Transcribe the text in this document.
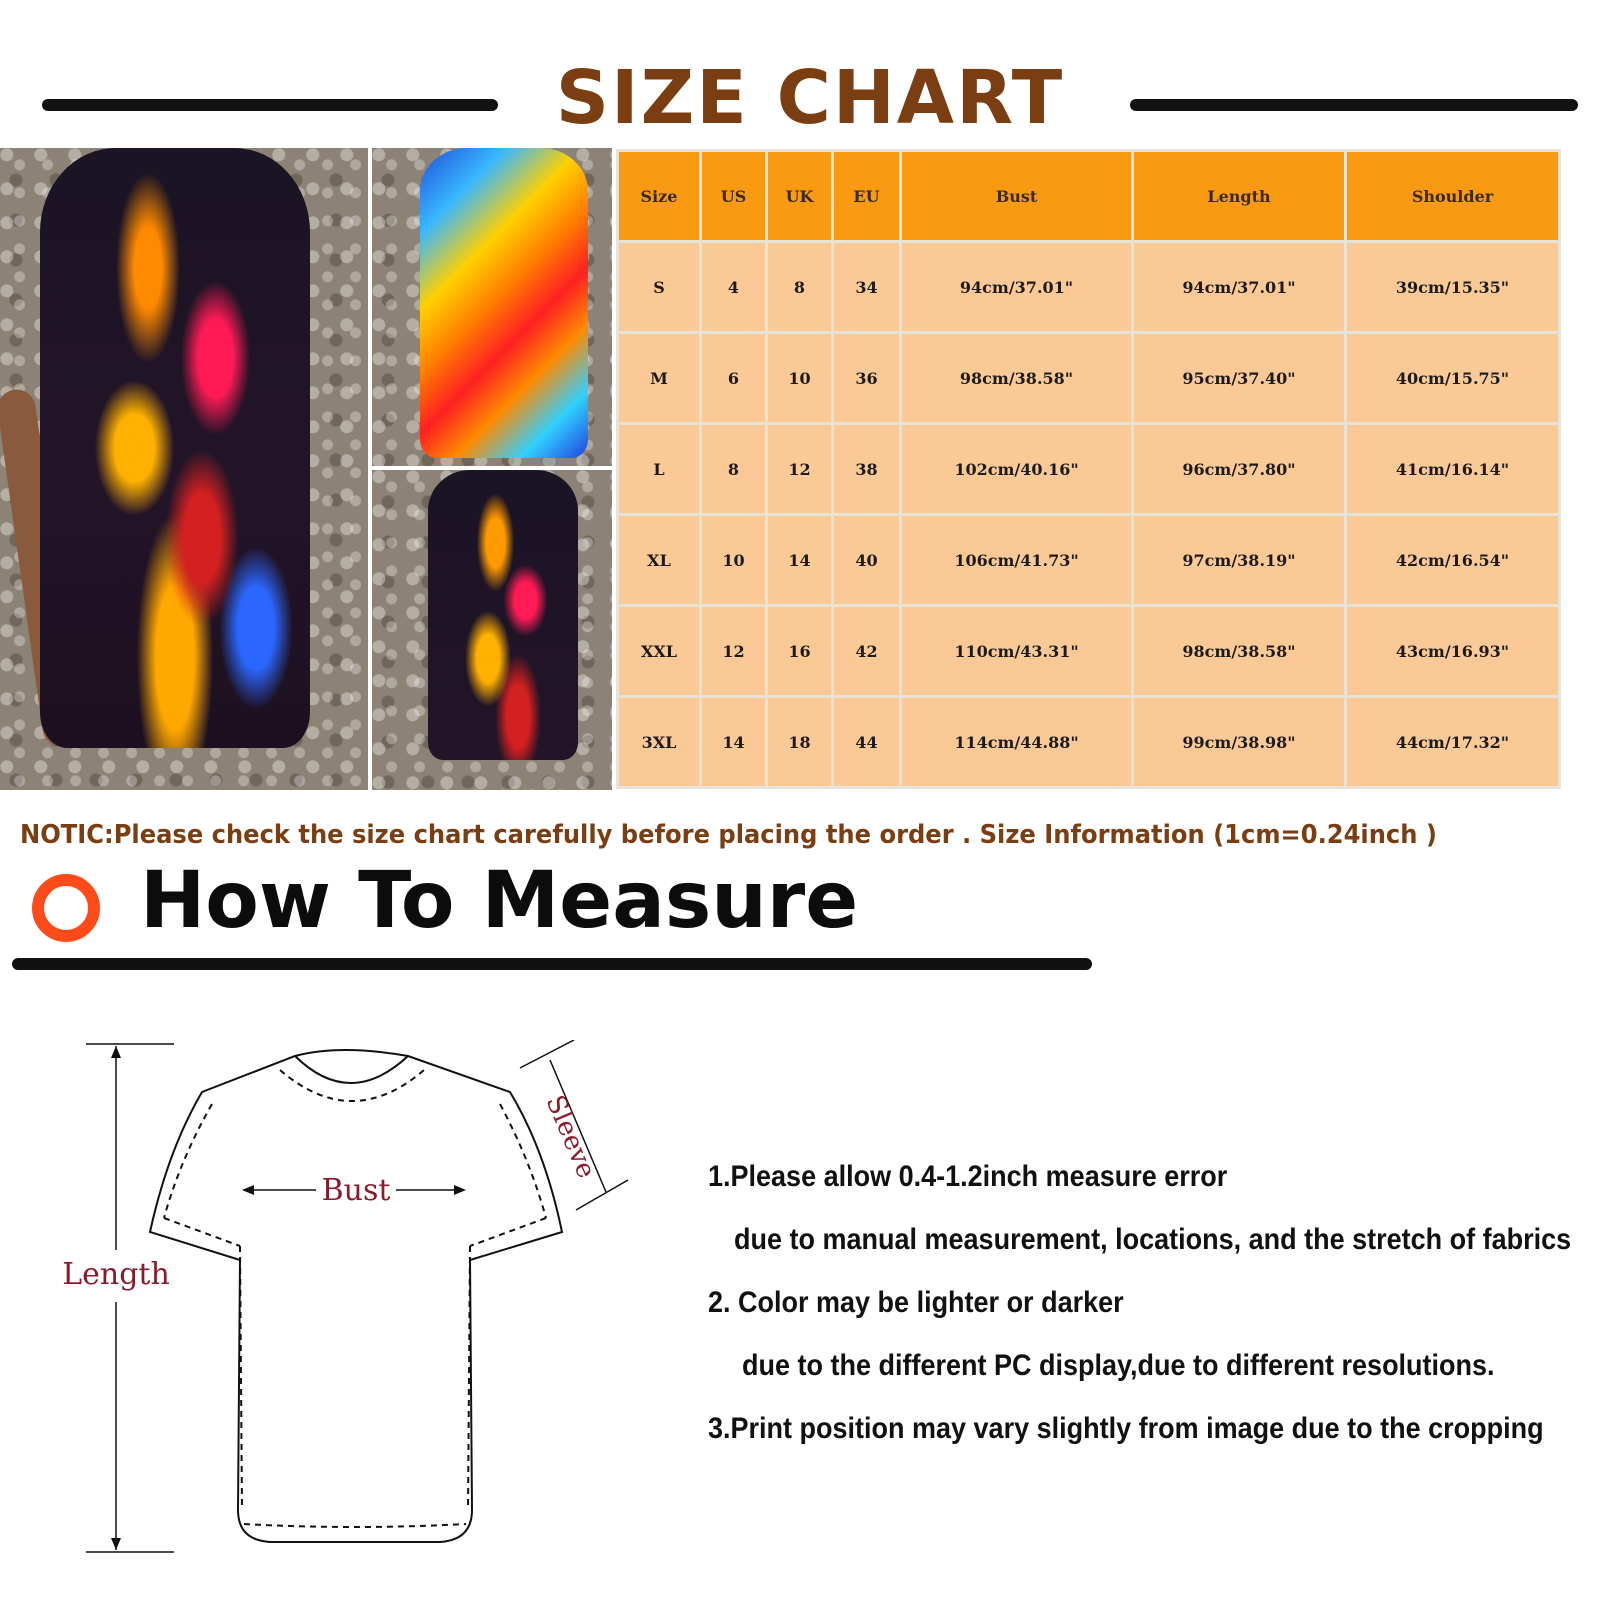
SIZE CHART
Size	US	UK	EU	Bust	Length	Shoulder
S	4	8	34	94cm/37.01"	94cm/37.01"	39cm/15.35"
M	6	10	36	98cm/38.58"	95cm/37.40"	40cm/15.75"
L	8	12	38	102cm/40.16"	96cm/37.80"	41cm/16.14"
XL	10	14	40	106cm/41.73"	97cm/38.19"	42cm/16.54"
XXL	12	16	42	110cm/43.31"	98cm/38.58"	43cm/16.93"
3XL	14	18	44	114cm/44.88"	99cm/38.98"	44cm/17.32"
NOTIC:Please check the size chart carefully before placing the order . Size Information (1cm=0.24inch )
How To Measure
Length
Bust
Sleeve	1.Please allow 0.4-1.2inch measure error
due to manual measurement, locations, and the stretch of fabrics
2. Color may be lighter or darker
due to the different PC display,due to different resolutions.
3.Print position may vary slightly from image due to the cropping
